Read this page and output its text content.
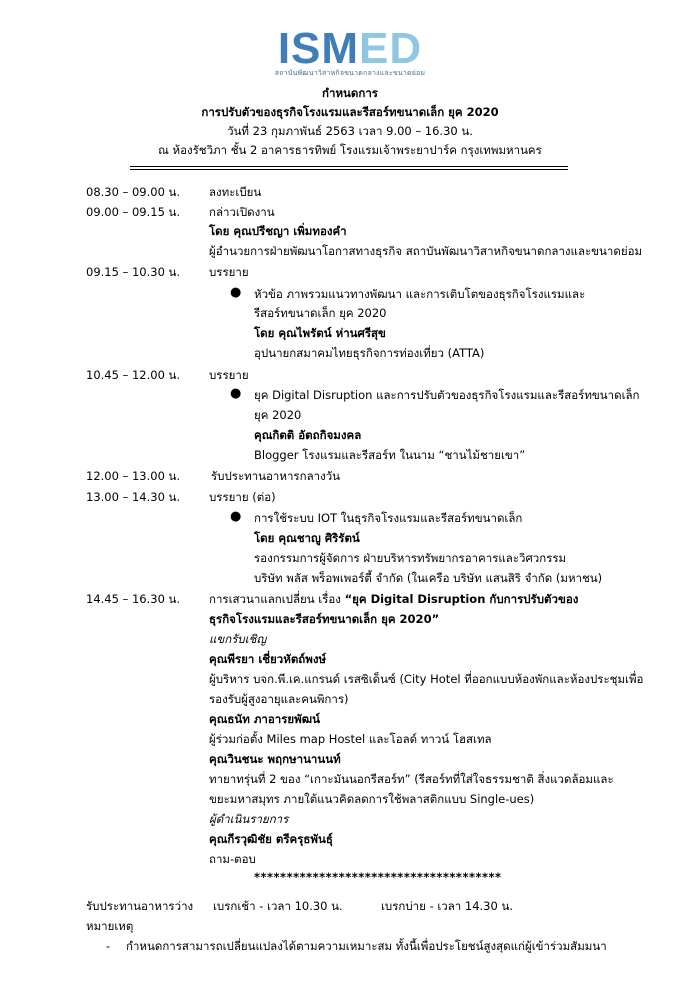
ISMED
สถาบันพัฒนาวิสาหกิจขนาดกลางและขนาดย่อม
กำหนดการ
การปรับตัวของธุรกิจโรงแรมและรีสอร์ทขนาดเล็ก ยุค 2020
วันที่ 23 กุมภาพันธ์ 2563 เวลา 9.00 – 16.30 น.
ณ ห้องรัชวิภา ชั้น 2 อาคารธารทิพย์ โรงแรมเจ้าพระยาปาร์ค กรุงเทพมหานคร
08.30 – 09.00 น.	ลงทะเบียน
09.00 – 09.15 น.	กล่าวเปิดงาน
โดย คุณปรีชญา เพิ่มทองคำ
ผู้อำนวยการฝ่ายพัฒนาโอกาสทางธุรกิจ สถาบันพัฒนาวิสาหกิจขนาดกลางและขนาดย่อม
09.15 – 10.30 น.	บรรยาย
● หัวข้อ ภาพรวมแนวทางพัฒนา และการเติบโตของธุรกิจโรงแรมและ
รีสอร์ทขนาดเล็ก ยุค 2020
โดย คุณไพรัตน์ ห่านศรีสุข
อุปนายกสมาคมไทยธุรกิจการท่องเที่ยว (ATTA)
10.45 – 12.00 น.	บรรยาย
● ยุค Digital Disruption และการปรับตัวของธุรกิจโรงแรมและรีสอร์ทขนาดเล็ก
ยุค 2020
คุณกิตติ อัตถกิจมงคล
Blogger โรงแรมและรีสอร์ท ในนาม “ชานไม้ชายเขา”
12.00 – 13.00 น.	รับประทานอาหารกลางวัน
13.00 – 14.30 น.	บรรยาย (ต่อ)
● การใช้ระบบ IOT ในธุรกิจโรงแรมและรีสอร์ทขนาดเล็ก
โดย คุณชาญู ศิริรัตน์
รองกรรมการผู้จัดการ ฝ่ายบริหารทรัพยากรอาคารและวิศวกรรม
บริษัท พลัส พร็อพเพอร์ตี้ จำกัด (ในเครือ บริษัท แสนสิริ จำกัด (มหาชน)
14.45 – 16.30 น.	การเสวนาแลกเปลี่ยน เรื่อง “ยุค Digital Disruption กับการปรับตัวของ
ธุรกิจโรงแรมและรีสอร์ทขนาดเล็ก ยุค 2020”
แขกรับเชิญ
คุณพีรยา เชี่ยวหัตถ์พงษ์
ผู้บริหาร บจก.พี.เค.แกรนด์ เรสซิเด็นซ์ (City Hotel ที่ออกแบบห้องพักและห้องประชุมเพื่อ
รองรับผู้สูงอายุและคนพิการ)
คุณธนัท ภาอารยพัฒน์
ผู้ร่วมก่อตั้ง Miles map Hostel และโอลด์ ทาวน์ โฮสเทล
คุณวินชนะ พฤกษานานนท์
ทายาทรุ่นที่ 2 ของ “เกาะมันนอกรีสอร์ท” (รีสอร์ทที่ใส่ใจธรรมชาติ สิ่งแวดล้อมและ
ขยะมหาสมุทร ภายใต้แนวคิดลดการใช้พลาสติกแบบ Single-ues)
ผู้ดำเนินรายการ
คุณกีรวุฒิชัย ตรีครุธพันธุ์
ถาม-ตอบ
**************************************
รับประทานอาหารว่าง เบรกเช้า - เวลา 10.30 น.	เบรกบ่าย - เวลา 14.30 น.
หมายเหตุ
- กำหนดการสามารถเปลี่ยนแปลงได้ตามความเหมาะสม ทั้งนี้เพื่อประโยชน์สูงสุดแก่ผู้เข้าร่วมสัมมนา
